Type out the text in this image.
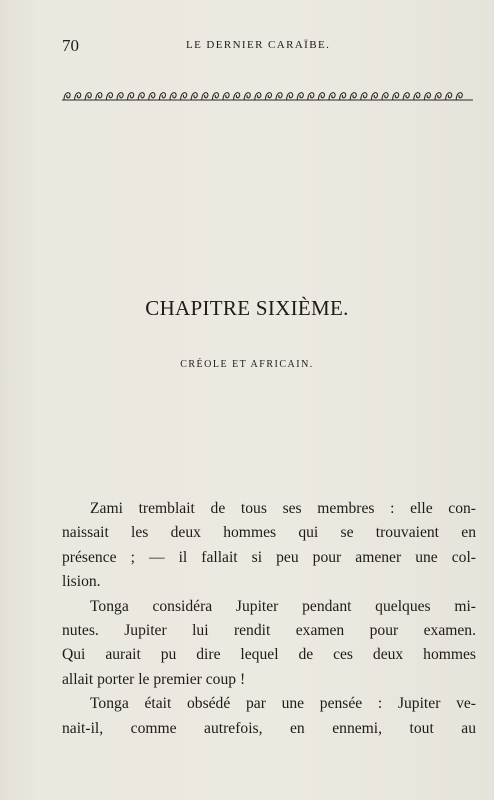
70	LE DERNIER CARAÏBE.
CHAPITRE SIXIÈME.
CRÉOLE ET AFRICAIN.

Zami tremblait de tous ses membres : elle con-
naissait les deux hommes qui se trouvaient en
présence ; — il fallait si peu pour amener une col-
lision.

Tonga considéra Jupiter pendant quelques mi-
nutes. Jupiter lui rendit examen pour examen.
Qui aurait pu dire lequel de ces deux hommes
allait porter le premier coup !

Tonga était obsédé par une pensée : Jupiter ve-
nait-il, comme autrefois, en ennemi, tout au
